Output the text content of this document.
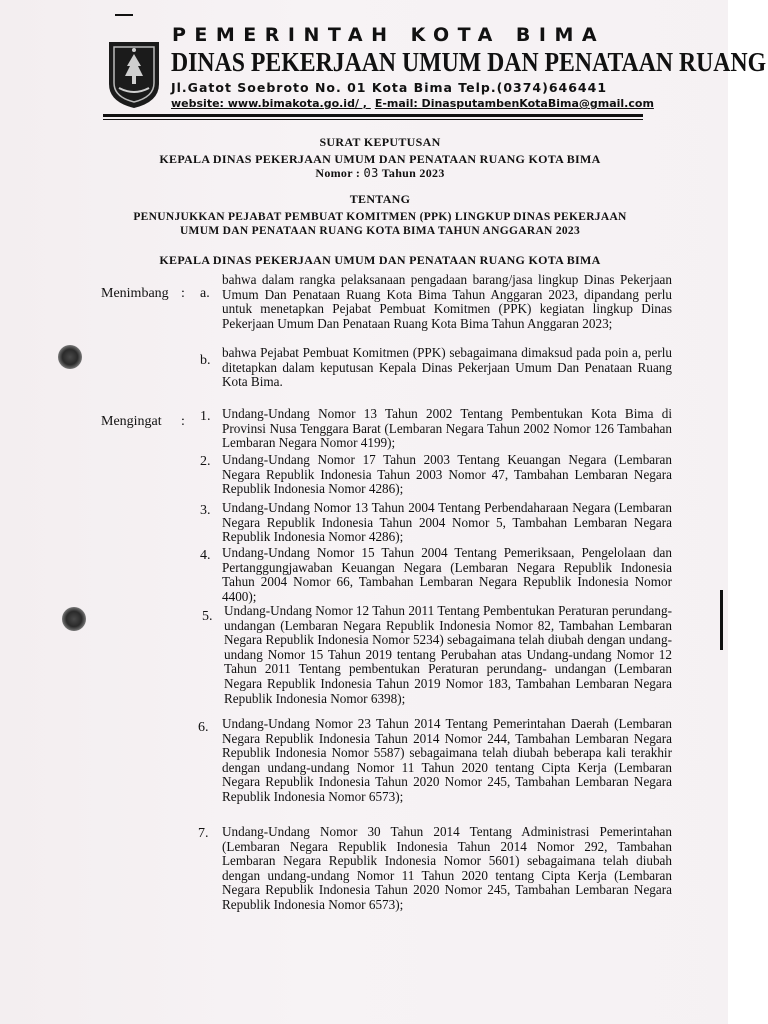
PEMERINTAH KOTA BIMA
DINAS PEKERJAAN UMUM DAN PENATAAN RUANG
Jl.Gatot Soebroto No. 01 Kota Bima Telp.(0374)646441
website: www.bimakota.go.id/ , E-mail: DinasputambenKotaBima@gmail.com
SURAT KEPUTUSAN
KEPALA DINAS PEKERJAAN UMUM DAN PENATAAN RUANG KOTA BIMA
Nomor : 03 Tahun 2023
TENTANG
PENUNJUKKAN PEJABAT PEMBUAT KOMITMEN (PPK) LINGKUP DINAS PEKERJAAN
UMUM DAN PENATAAN RUANG KOTA BIMA TAHUN ANGGARAN 2023
KEPALA DINAS PEKERJAAN UMUM DAN PENATAAN RUANG KOTA BIMA
Menimbang : a.
bahwa dalam rangka pelaksanaan pengadaan barang/jasa lingkup Dinas Pekerjaan Umum Dan Penataan Ruang Kota Bima Tahun Anggaran 2023, dipandang perlu untuk menetapkan Pejabat Pembuat Komitmen (PPK) kegiatan lingkup Dinas Pekerjaan Umum Dan Penataan Ruang Kota Bima Tahun Anggaran 2023;
b.
bahwa Pejabat Pembuat Komitmen (PPK) sebagaimana dimaksud pada poin a, perlu ditetapkan dalam keputusan Kepala Dinas Pekerjaan Umum Dan Penataan Ruang Kota Bima.
Mengingat : 1. Undang-Undang Nomor 13 Tahun 2002 Tentang Pembentukan Kota Bima di Provinsi Nusa Tenggara Barat (Lembaran Negara Tahun 2002 Nomor 126 Tambahan Lembaran Negara Nomor 4199);
2. Undang-Undang Nomor 17 Tahun 2003 Tentang Keuangan Negara (Lembaran Negara Republik Indonesia Tahun 2003 Nomor 47, Tambahan Lembaran Negara Republik Indonesia Nomor 4286);
3. Undang-Undang Nomor 13 Tahun 2004 Tentang Perbendaharaan Negara (Lembaran Negara Republik Indonesia Tahun 2004 Nomor 5, Tambahan Lembaran Negara Republik Indonesia Nomor 4286);
4. Undang-Undang Nomor 15 Tahun 2004 Tentang Pemeriksaan, Pengelolaan dan Pertanggungjawaban Keuangan Negara (Lembaran Negara Republik Indonesia Tahun 2004 Nomor 66, Tambahan Lembaran Negara Republik Indonesia Nomor 4400);
5. Undang-Undang Nomor 12 Tahun 2011 Tentang Pembentukan Peraturan perundang-undangan (Lembaran Negara Republik Indonesia Nomor 82, Tambahan Lembaran Negara Republik Indonesia Nomor 5234) sebagaimana telah diubah dengan undang-undang Nomor 15 Tahun 2019 tentang Perubahan atas Undang-undang Nomor 12 Tahun 2011 Tentang pembentukan Peraturan perundang- undangan (Lembaran Negara Republik Indonesia Tahun 2019 Nomor 183, Tambahan Lembaran Negara Republik Indonesia Nomor 6398);
6. Undang-Undang Nomor 23 Tahun 2014 Tentang Pemerintahan Daerah (Lembaran Negara Republik Indonesia Tahun 2014 Nomor 244, Tambahan Lembaran Negara Republik Indonesia Nomor 5587) sebagaimana telah diubah beberapa kali terakhir dengan undang-undang Nomor 11 Tahun 2020 tentang Cipta Kerja (Lembaran Negara Republik Indonesia Tahun 2020 Nomor 245, Tambahan Lembaran Negara Republik Indonesia Nomor 6573);
7. Undang-Undang Nomor 30 Tahun 2014 Tentang Administrasi Pemerintahan (Lembaran Negara Republik Indonesia Tahun 2014 Nomor 292, Tambahan Lembaran Negara Republik Indonesia Nomor 5601) sebagaimana telah diubah dengan undang-undang Nomor 11 Tahun 2020 tentang Cipta Kerja (Lembaran Negara Republik Indonesia Tahun 2020 Nomor 245, Tambahan Lembaran Negara Republik Indonesia Nomor 6573);
